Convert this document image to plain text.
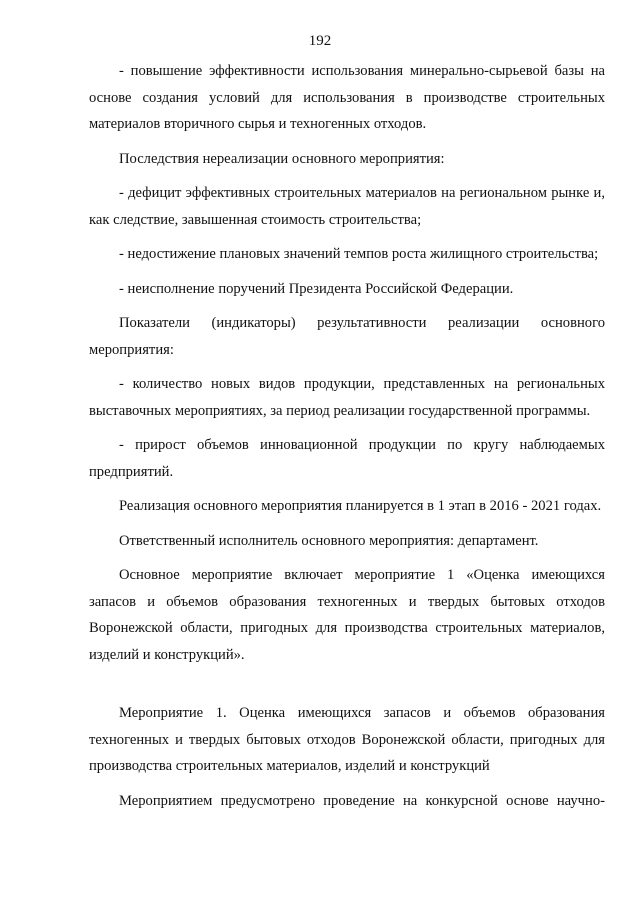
192

- повышение эффективности использования минерально-сырьевой базы на основе создания условий для использования в производстве строительных материалов вторичного сырья и техногенных отходов.

Последствия нереализации основного мероприятия:

- дефицит эффективных строительных материалов на региональном рынке и, как следствие, завышенная стоимость строительства;

- недостижение плановых значений темпов роста жилищного строительства;

- неисполнение поручений Президента Российской Федерации.

Показатели (индикаторы) результативности реализации основного мероприятия:

- количество новых видов продукции, представленных на региональных выставочных мероприятиях, за период реализации государственной программы.

- прирост объемов инновационной продукции по кругу наблюдаемых предприятий.

Реализация основного мероприятия планируется в 1 этап в 2016 - 2021 годах.

Ответственный исполнитель основного мероприятия: департамент.

Основное мероприятие включает мероприятие 1 «Оценка имеющихся запасов и объемов образования техногенных и твердых бытовых отходов Воронежской области, пригодных для производства строительных материалов, изделий и конструкций».

Мероприятие 1. Оценка имеющихся запасов и объемов образования техногенных и твердых бытовых отходов Воронежской области, пригодных для производства строительных материалов, изделий и конструкций

Мероприятием предусмотрено проведение на конкурсной основе научно-
